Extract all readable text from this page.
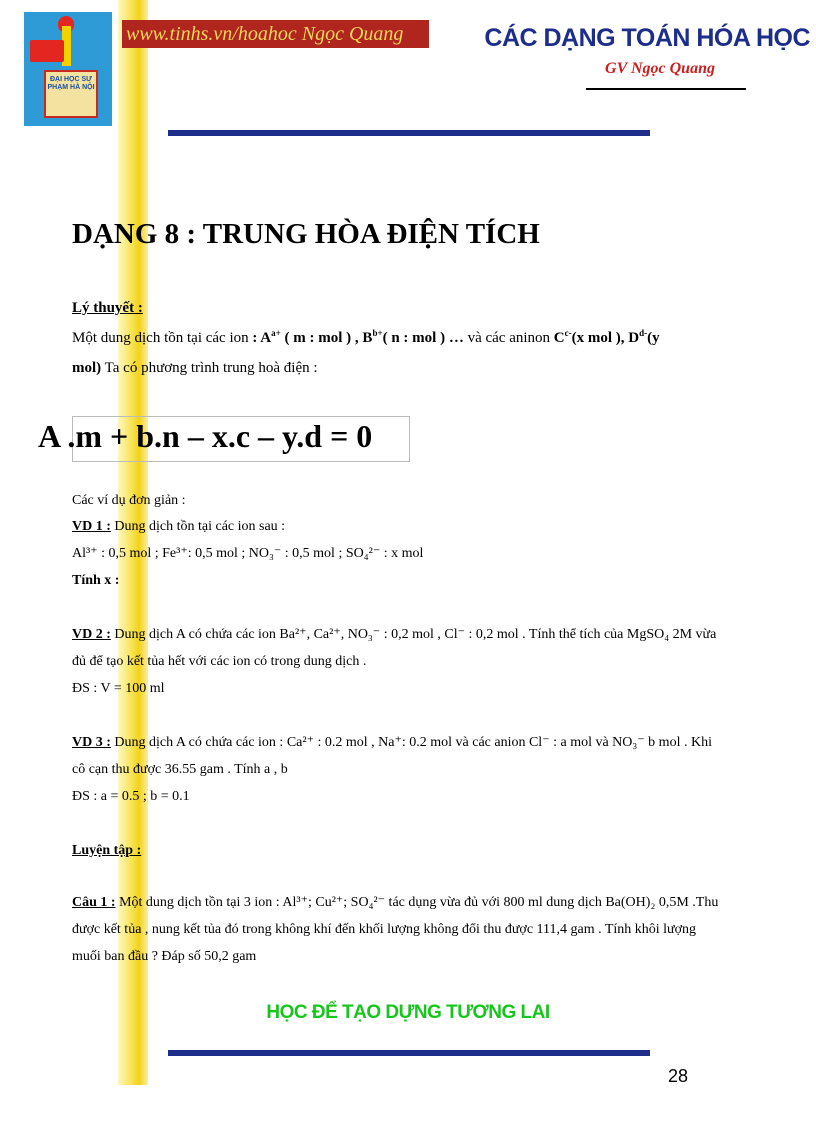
ĐẠI HỌC SƯ PHẠM HÀ NỘI
www.tinhs.vn/hoahoc Ngọc Quang	CÁC DẠNG TOÁN HÓA HỌC
GV Ngọc Quang
DẠNG 8 : TRUNG HÒA ĐIỆN TÍCH
Lý thuyết :
Một dung dịch tồn tại các ion : $A^{a+}$ ( m : mol ) , $B^{b+}$( n : mol ) … và các aninon $C^{c-}(x$ mol ), $D^{d-}(y$
mol) Ta có phương trình trung hoà điện :
A .m + b.n – x.c – y.d = 0
Các ví dụ đơn giản :
VD 1 : Dung dịch tồn tại các ion sau :
Al³⁺ : 0,5 mol ; Fe³⁺: 0,5 mol ; NO₃⁻ : 0,5 mol ; SO₄²⁻ : x mol
Tính x :
VD 2 : Dung dịch A có chứa các ion Ba²⁺, Ca²⁺, NO₃⁻ : 0,2 mol , Cl⁻ : 0,2 mol . Tính thể tích của MgSO₄ 2M vừa
đủ để tạo kết tủa hết với các ion có trong dung dịch .
ĐS : V = 100 ml
VD 3 : Dung dịch A có chứa các ion : Ca²⁺ : 0.2 mol , Na⁺: 0.2 mol và các anion Cl⁻ : a mol và NO₃⁻ b mol . Khi
cô cạn thu được 36.55 gam . Tính a , b
ĐS : a = 0.5 ; b = 0.1
Luyện tập :
Câu 1 : Một dung dịch tồn tại 3 ion : Al³⁺; Cu²⁺; SO₄²⁻ tác dụng vừa đủ với 800 ml dung dịch Ba(OH)₂ 0,5M .Thu
được kết tủa , nung kết tủa đó trong không khí đến khối lượng không đổi thu được 111,4 gam . Tính khôi lượng
muối ban đầu ? Đáp số 50,2 gam
HỌC ĐỂ TẠO DỰNG TƯƠNG LAI
28
